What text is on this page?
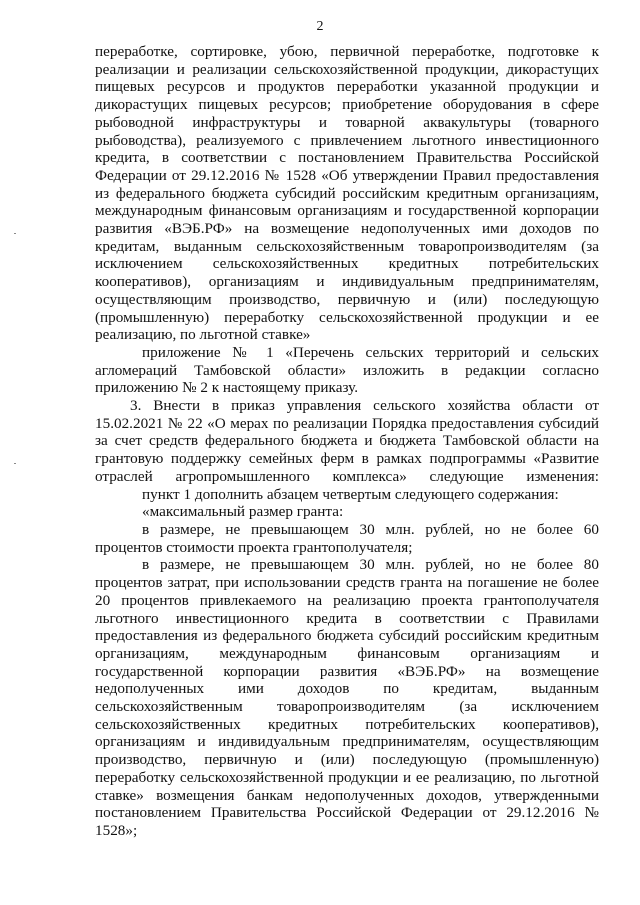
2

переработке, сортировке, убою, первичной переработке, подготовке к реализации и реализации сельскохозяйственной продукции, дикорастущих пищевых ресурсов и продуктов переработки указанной продукции и дикорастущих пищевых ресурсов; приобретение оборудования в сфере рыбоводной инфраструктуры и товарной аквакультуры (товарного рыбоводства), реализуемого с привлечением льготного инвестиционного кредита, в соответствии с постановлением Правительства Российской Федерации от 29.12.2016 № 1528 «Об утверждении Правил предоставления из федерального бюджета субсидий российским кредитным организациям, международным финансовым организациям и государственной корпорации развития «ВЭБ.РФ» на возмещение недополученных ими доходов по кредитам, выданным сельскохозяйственным товаропроизводителям (за исключением сельскохозяйственных кредитных потребительских кооперативов), организациям и индивидуальным предпринимателям, осуществляющим производство, первичную и (или) последующую (промышленную) переработку сельскохозяйственной продукции и ее реализацию, по льготной ставке»

приложение № 1 «Перечень сельских территорий и сельских агломераций Тамбовской области» изложить в редакции согласно приложению № 2 к настоящему приказу.

3. Внести в приказ управления сельского хозяйства области от 15.02.2021 № 22 «О мерах по реализации Порядка предоставления субсидий за счет средств федерального бюджета и бюджета Тамбовской области на грантовую поддержку семейных ферм в рамках подпрограммы «Развитие отраслей агропромышленного комплекса» следующие изменения:

пункт 1 дополнить абзацем четвертым следующего содержания:

«максимальный размер гранта:

в размере, не превышающем 30 млн. рублей, но не более 60 процентов стоимости проекта грантополучателя;

в размере, не превышающем 30 млн. рублей, но не более 80 процентов затрат, при использовании средств гранта на погашение не более 20 процентов привлекаемого на реализацию проекта грантополучателя льготного инвестиционного кредита в соответствии с Правилами предоставления из федерального бюджета субсидий российским кредитным организациям, международным финансовым организациям и государственной корпорации развития «ВЭБ.РФ» на возмещение недополученных ими доходов по кредитам, выданным сельскохозяйственным товаропроизводителям (за исключением сельскохозяйственных кредитных потребительских кооперативов), организациям и индивидуальным предпринимателям, осуществляющим производство, первичную и (или) последующую (промышленную) переработку сельскохозяйственной продукции и ее реализацию, по льготной ставке» возмещения банкам недополученных доходов, утвержденными постановлением Правительства Российской Федерации от 29.12.2016 № 1528»;
